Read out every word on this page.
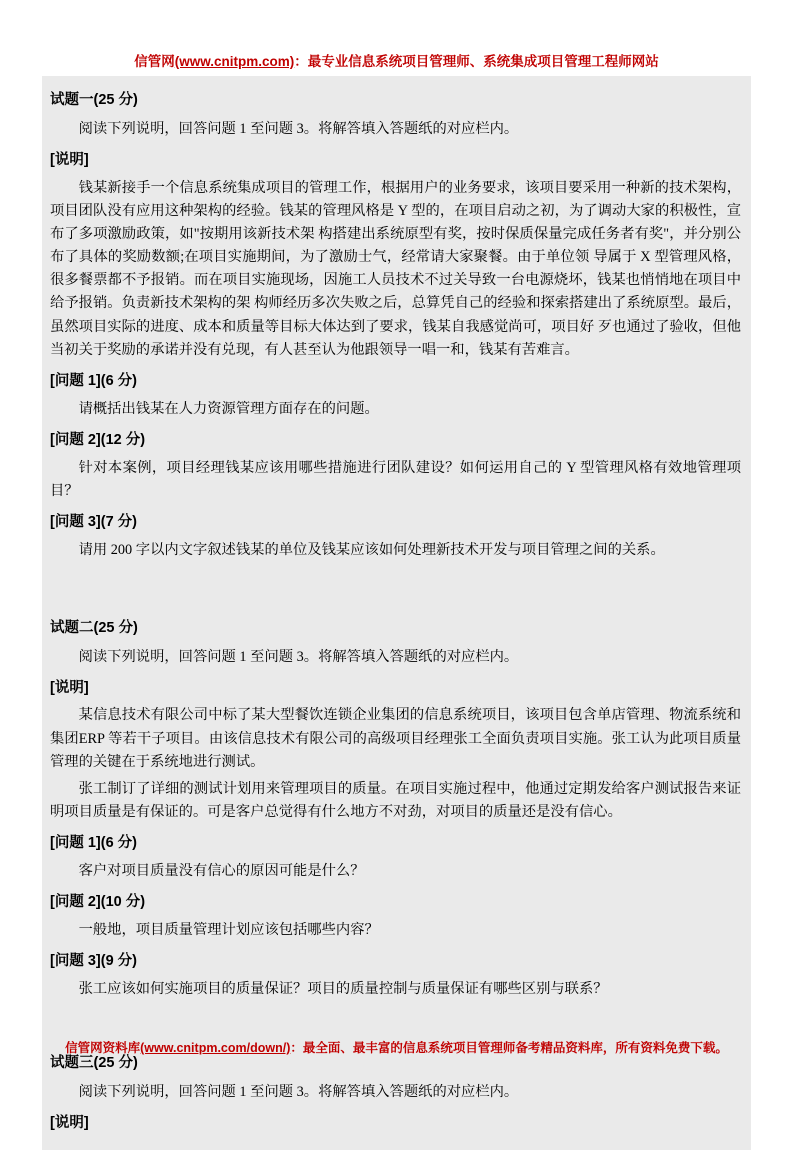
信管网(www.cnitpm.com)：最专业信息系统项目管理师、系统集成项目管理工程师网站
试题一(25 分)

阅读下列说明，回答问题 1 至问题 3。将解答填入答题纸的对应栏内。

[说明]

钱某新接手一个信息系统集成项目的管理工作，根据用户的业务要求，该项目要采用一种新的技术架构，项目团队没有应用这种架构的经验。钱某的管理风格是 Y 型的，在项目启动之初，为了调动大家的积极性，宣布了多项激励政策，如"按期用该新技术架 构搭建出系统原型有奖，按时保质保量完成任务者有奖"，并分别公布了具体的奖励数额;在项目实施期间，为了激励士气，经常请大家聚餐。由于单位领 导属于 X 型管理风格，很多餐票都不予报销。而在项目实施现场，因施工人员技术不过关导致一台电源烧坏，钱某也悄悄地在项目中给予报销。负责新技术架构的架 构师经历多次失败之后，总算凭自己的经验和探索搭建出了系统原型。最后，虽然项目实际的进度、成本和质量等目标大体达到了要求，钱某自我感觉尚可，项目好 歹也通过了验收，但他当初关于奖励的承诺并没有兑现，有人甚至认为他跟领导一唱一和，钱某有苦难言。

[问题 1](6 分)

请概括出钱某在人力资源管理方面存在的问题。

[问题 2](12 分)

针对本案例，项目经理钱某应该用哪些措施进行团队建设？如何运用自己的 Y 型管理风格有效地管理项目？

[问题 3](7 分)

请用 200 字以内文字叙述钱某的单位及钱某应该如何处理新技术开发与项目管理之间的关系。

试题二(25 分)

阅读下列说明，回答问题 1 至问题 3。将解答填入答题纸的对应栏内。

[说明]

某信息技术有限公司中标了某大型餐饮连锁企业集团的信息系统项目，该项目包含单店管理、物流系统和集团ERP 等若干子项目。由该信息技术有限公司的高级项目经理张工全面负责项目实施。张工认为此项目质量管理的关键在于系统地进行测试。

张工制订了详细的测试计划用来管理项目的质量。在项目实施过程中，他通过定期发给客户测试报告来证明项目质量是有保证的。可是客户总觉得有什么地方不对劲，对项目的质量还是没有信心。

[问题 1](6 分)

客户对项目质量没有信心的原因可能是什么？

[问题 2](10 分)

一般地，项目质量管理计划应该包括哪些内容？

[问题 3](9 分)

张工应该如何实施项目的质量保证？项目的质量控制与质量保证有哪些区别与联系？

试题三(25 分)

阅读下列说明，回答问题 1 至问题 3。将解答填入答题纸的对应栏内。

[说明]
信管网资料库(www.cnitpm.com/down/)：最全面、最丰富的信息系统项目管理师备考精品资料库，所有资料免费下载。
